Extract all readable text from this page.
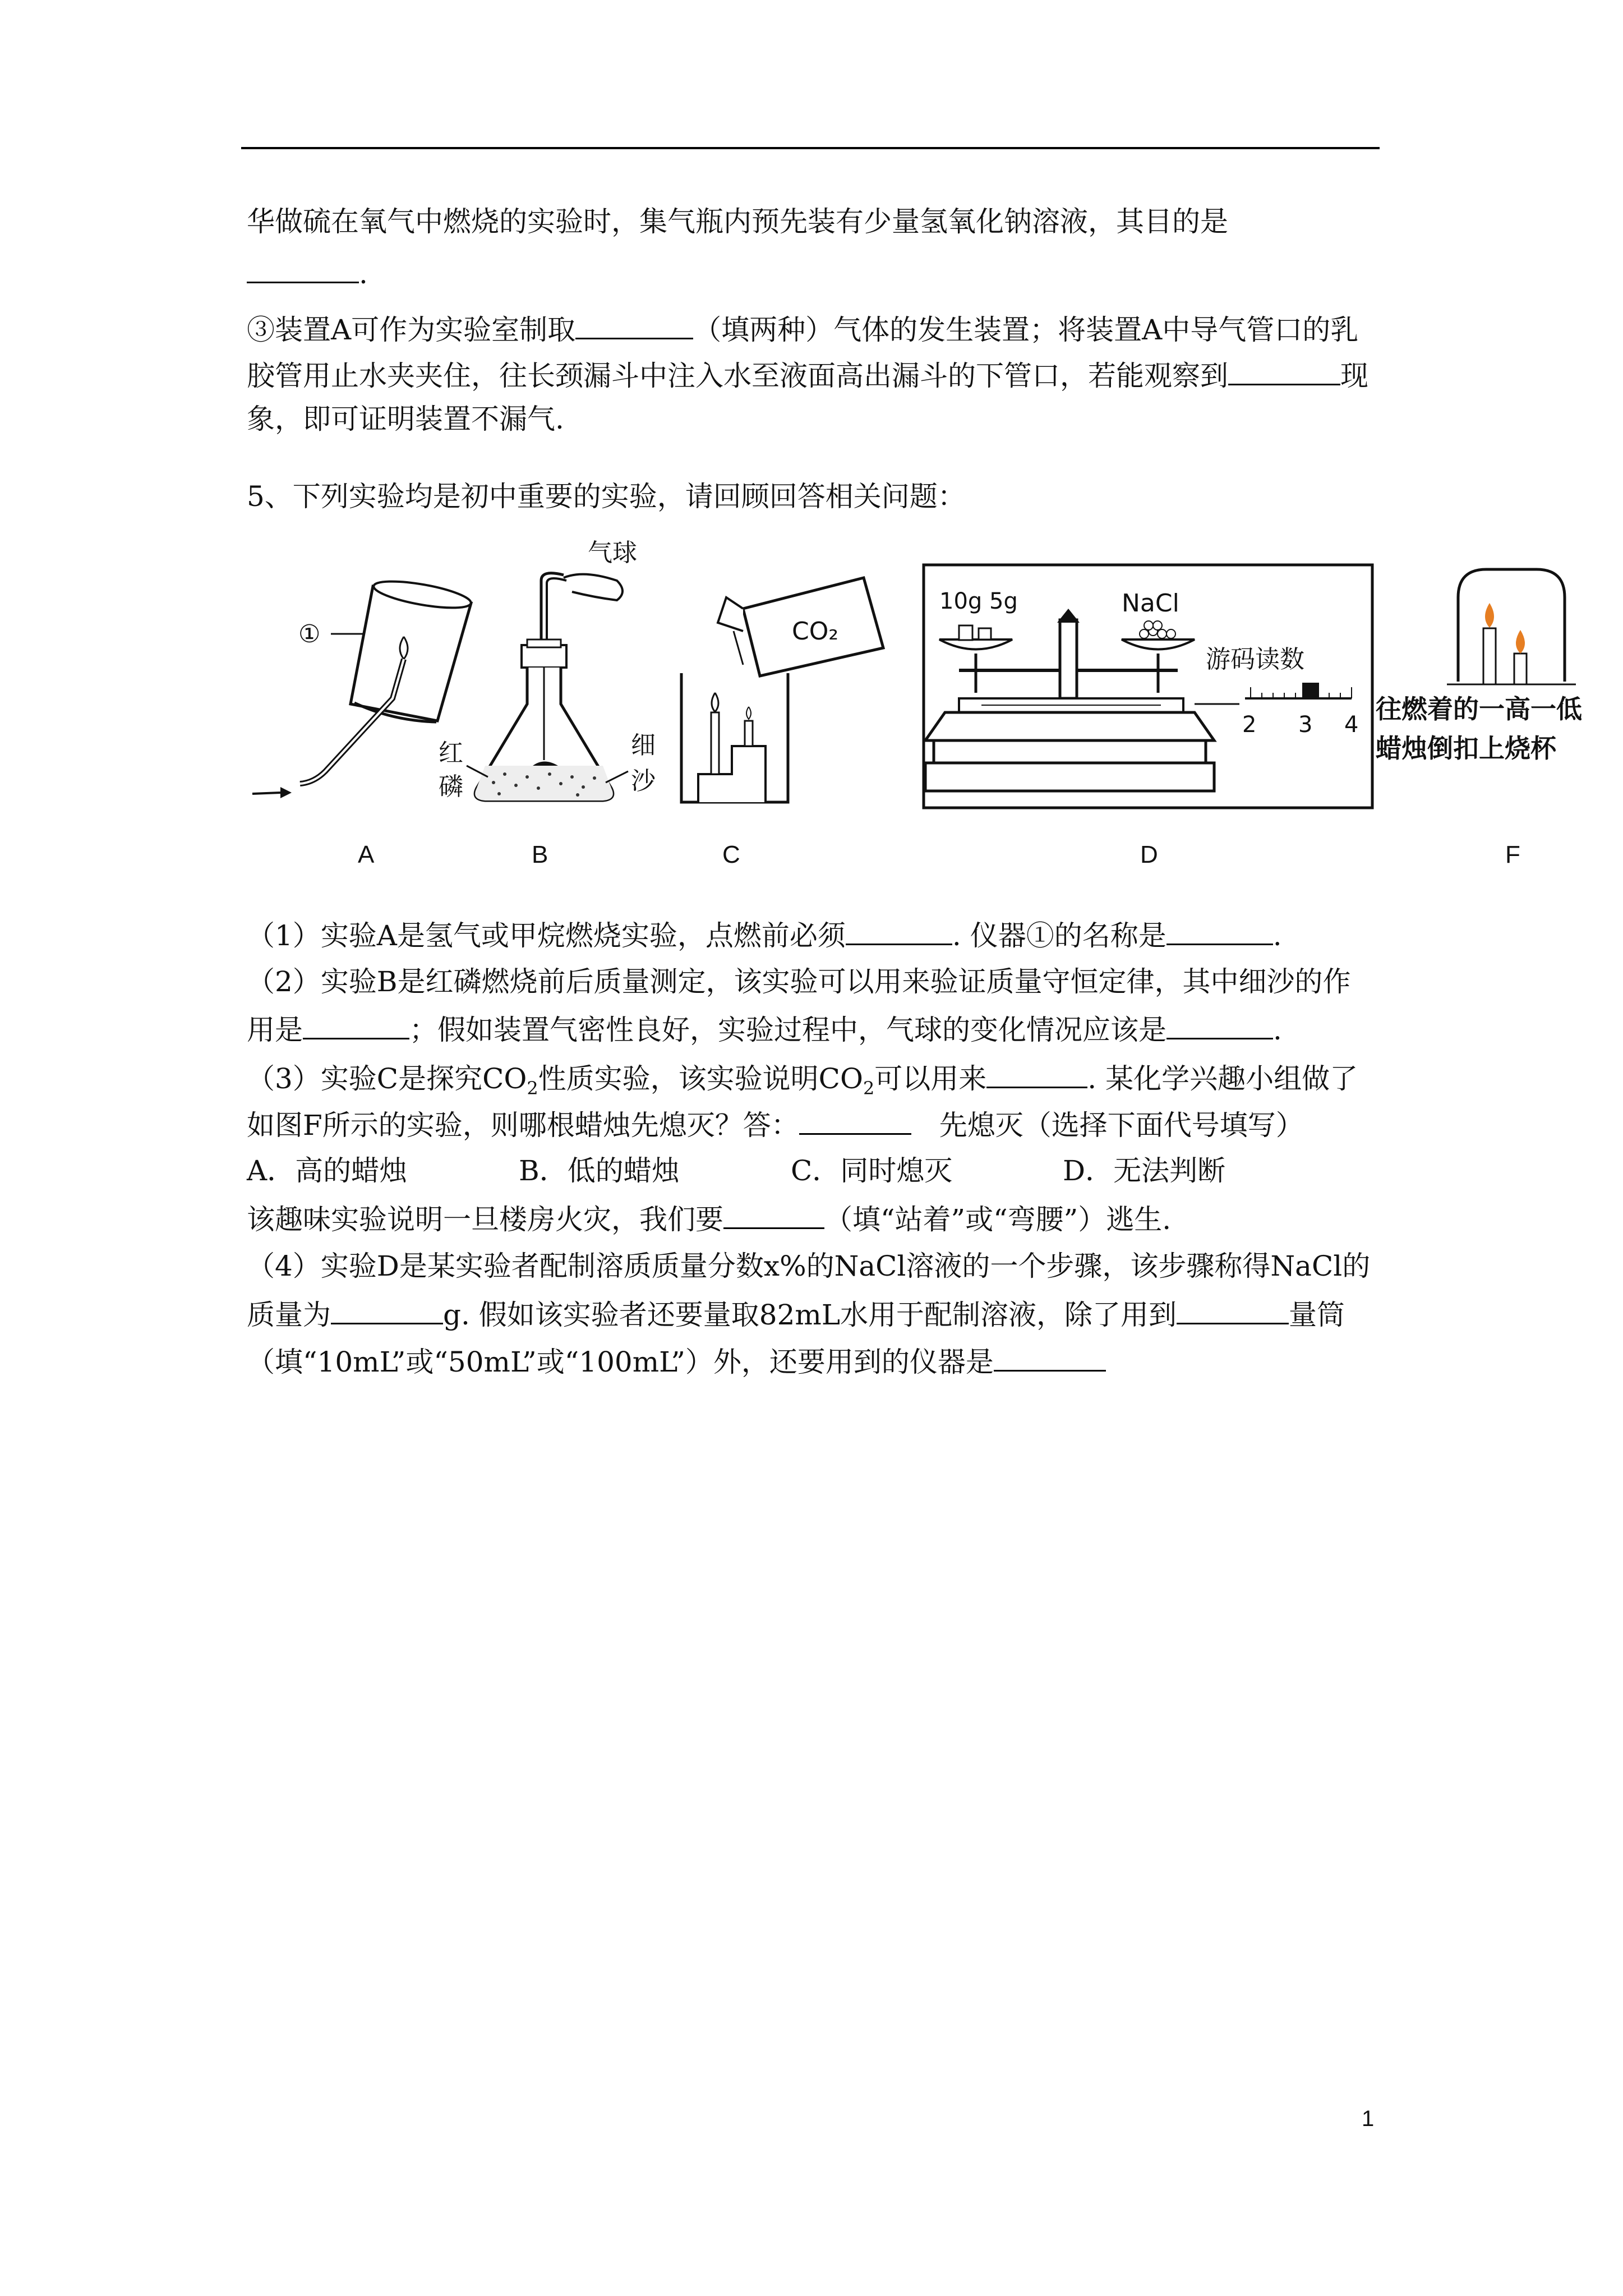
华做硫在氧气中燃烧的实验时，集气瓶内预先装有少量氢氧化钠溶液，其目的是
.
③装置A可作为实验室制取	（填两种）气体的发生装置；将装置A中导气管口的乳
胶管用止水夹夹住，往长颈漏斗中注入水至液面高出漏斗的下管口，若能观察到	现
象，即可证明装置不漏气.
5、下列实验均是初中重要的实验，请回顾回答相关问题：
①
A
气球
红
磷
细
沙
B
CO₂
C
10g 5g	NaCl
游码读数
2 3 4
D
往燃着的一高一低
蜡烛倒扣上烧杯
F
（1）实验A是氢气或甲烷燃烧实验，点燃前必须	. 仪器①的名称是	.
（2）实验B是红磷燃烧前后质量测定，该实验可以用来验证质量守恒定律，其中细沙的作
用是	；假如装置气密性良好，实验过程中，气球的变化情况应该是	.
（3）实验C是探究$CO_2$性质实验，该实验说明$CO_2$可以用来	. 某化学兴趣小组做了
如图F所示的实验，则哪根蜡烛先熄灭？答：	先熄灭（选择下面代号填写）
A．高的蜡烛	B．低的蜡烛	C．同时熄灭	D．无法判断
该趣味实验说明一旦楼房火灾，我们要	（填“站着”或“弯腰”）逃生.
（4）实验D是某实验者配制溶质质量分数x%的NaCl溶液的一个步骤，该步骤称得NaCl的
质量为	g. 假如该实验者还要量取82mL水用于配制溶液，除了用到	量筒
（填“10mL”或“50mL”或“100mL”）外，还要用到的仪器是
1
